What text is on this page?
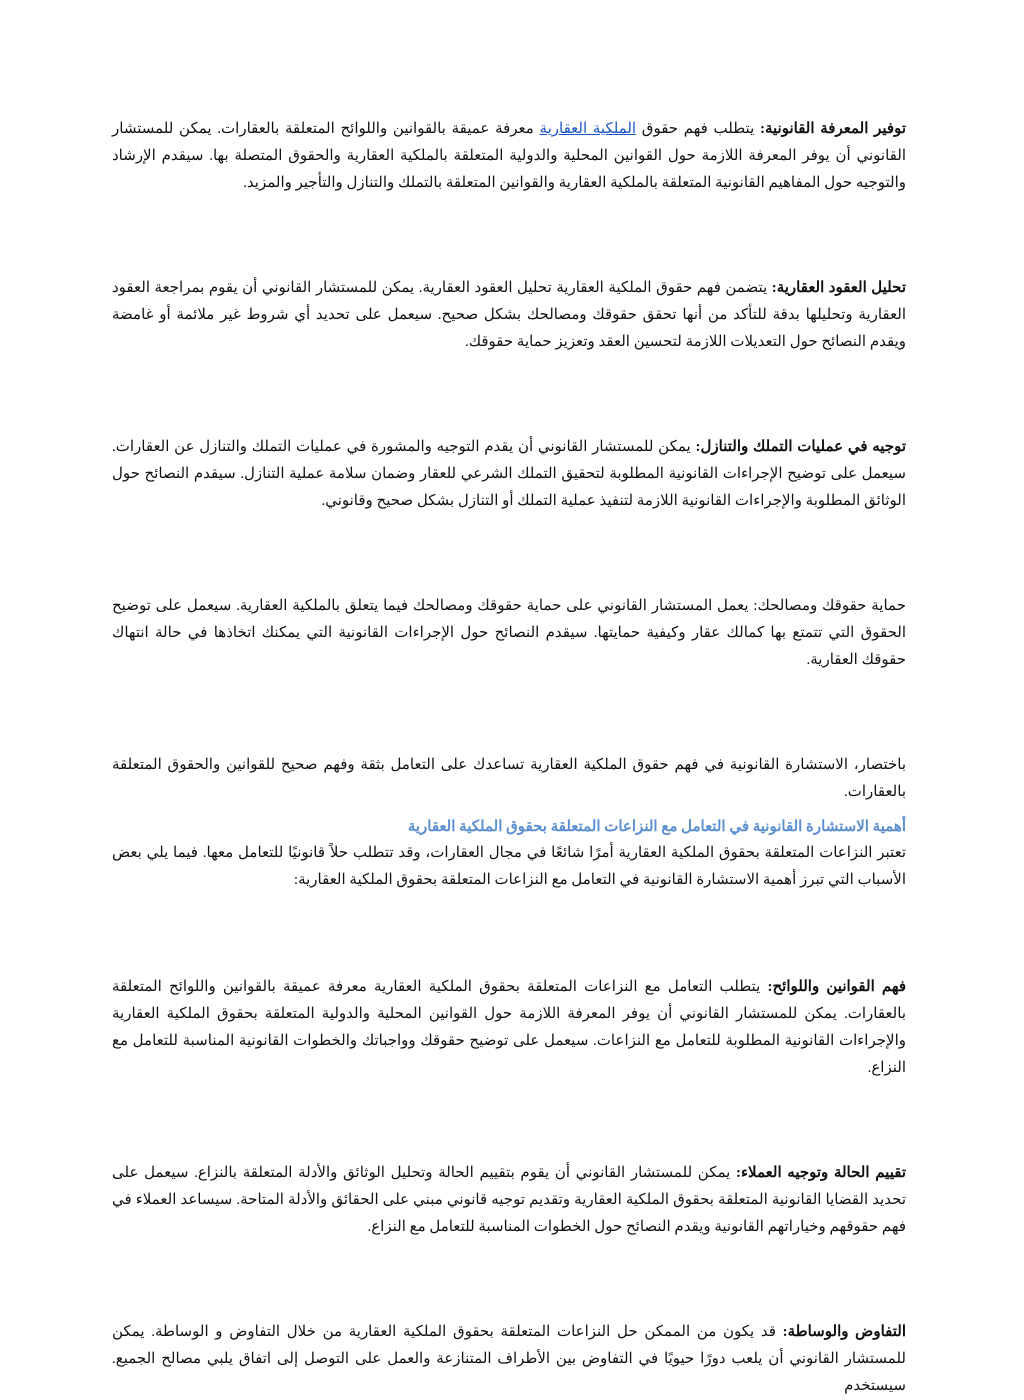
توفير المعرفة القانونية: يتطلب فهم حقوق الملكية العقارية معرفة عميقة بالقوانين واللوائح المتعلقة بالعقارات. يمكن للمستشار القانوني أن يوفر المعرفة اللازمة حول القوانين المحلية والدولية المتعلقة بالملكية العقارية والحقوق المتصلة بها. سيقدم الإرشاد والتوجيه حول المفاهيم القانونية المتعلقة بالملكية العقارية والقوانين المتعلقة بالتملك والتنازل والتأجير والمزيد.

تحليل العقود العقارية: يتضمن فهم حقوق الملكية العقارية تحليل العقود العقارية. يمكن للمستشار القانوني أن يقوم بمراجعة العقود العقارية وتحليلها بدقة للتأكد من أنها تحقق حقوقك ومصالحك بشكل صحيح. سيعمل على تحديد أي شروط غير ملائمة أو غامضة ويقدم النصائح حول التعديلات اللازمة لتحسين العقد وتعزيز حماية حقوقك.

توجيه في عمليات التملك والتنازل: يمكن للمستشار القانوني أن يقدم التوجيه والمشورة في عمليات التملك والتنازل عن العقارات. سيعمل على توضيح الإجراءات القانونية المطلوبة لتحقيق التملك الشرعي للعقار وضمان سلامة عملية التنازل. سيقدم النصائح حول الوثائق المطلوبة والإجراءات القانونية اللازمة لتنفيذ عملية التملك أو التنازل بشكل صحيح وقانوني.

حماية حقوقك ومصالحك: يعمل المستشار القانوني على حماية حقوقك ومصالحك فيما يتعلق بالملكية العقارية. سيعمل على توضيح الحقوق التي تتمتع بها كمالك عقار وكيفية حمايتها. سيقدم النصائح حول الإجراءات القانونية التي يمكنك اتخاذها في حالة انتهاك حقوقك العقارية.

باختصار، الاستشارة القانونية في فهم حقوق الملكية العقارية تساعدك على التعامل بثقة وفهم صحيح للقوانين والحقوق المتعلقة بالعقارات.

أهمية الاستشارة القانونية في التعامل مع النزاعات المتعلقة بحقوق الملكية العقارية

تعتبر النزاعات المتعلقة بحقوق الملكية العقارية أمرًا شائعًا في مجال العقارات، وقد تتطلب حلاً قانونيًا للتعامل معها. فيما يلي بعض الأسباب التي تبرز أهمية الاستشارة القانونية في التعامل مع النزاعات المتعلقة بحقوق الملكية العقارية:

فهم القوانين واللوائح: يتطلب التعامل مع النزاعات المتعلقة بحقوق الملكية العقارية معرفة عميقة بالقوانين واللوائح المتعلقة بالعقارات. يمكن للمستشار القانوني أن يوفر المعرفة اللازمة حول القوانين المحلية والدولية المتعلقة بحقوق الملكية العقارية والإجراءات القانونية المطلوبة للتعامل مع النزاعات. سيعمل على توضيح حقوقك وواجباتك والخطوات القانونية المناسبة للتعامل مع النزاع.

تقييم الحالة وتوجيه العملاء: يمكن للمستشار القانوني أن يقوم بتقييم الحالة وتحليل الوثائق والأدلة المتعلقة بالنزاع. سيعمل على تحديد القضايا القانونية المتعلقة بحقوق الملكية العقارية وتقديم توجيه قانوني مبني على الحقائق والأدلة المتاحة. سيساعد العملاء في فهم حقوقهم وخياراتهم القانونية ويقدم النصائح حول الخطوات المناسبة للتعامل مع النزاع.

التفاوض والوساطة: قد يكون من الممكن حل النزاعات المتعلقة بحقوق الملكية العقارية من خلال التفاوض و الوساطة. يمكن للمستشار القانوني أن يلعب دورًا حيويًا في التفاوض بين الأطراف المتنازعة والعمل على التوصل إلى اتفاق يلبي مصالح الجميع. سيستخدم
